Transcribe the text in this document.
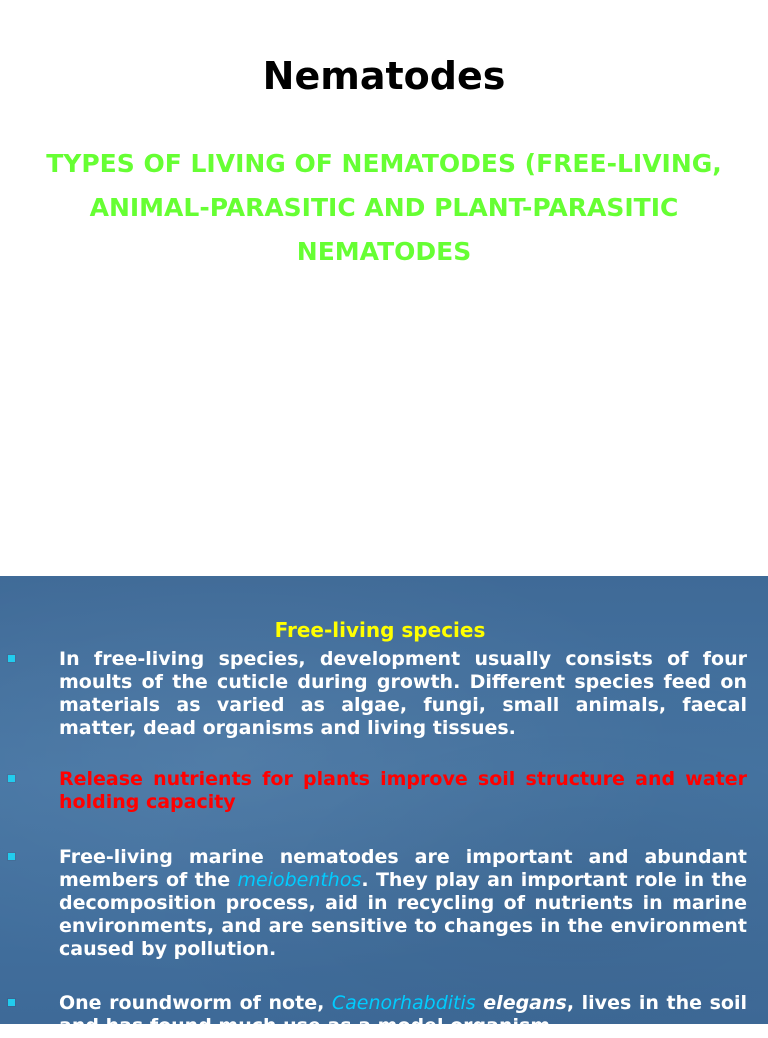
Nematodes
TYPES OF LIVING OF NEMATODES (FREE-LIVING, ANIMAL-PARASITIC AND PLANT-PARASITIC NEMATODES
Free-living species
In free-living species, development usually consists of four moults of the cuticle during growth. Different species feed on materials as varied as algae, fungi, small animals, faecal matter, dead organisms and living tissues.
Release nutrients for plants improve soil structure and water holding capacity
Free-living marine nematodes are important and abundant members of the meiobenthos. They play an important role in the decomposition process, aid in recycling of nutrients in marine environments, and are sensitive to changes in the environment caused by pollution.
One roundworm of note, Caenorhabditis elegans, lives in the soil and has found much use as a model organism.
